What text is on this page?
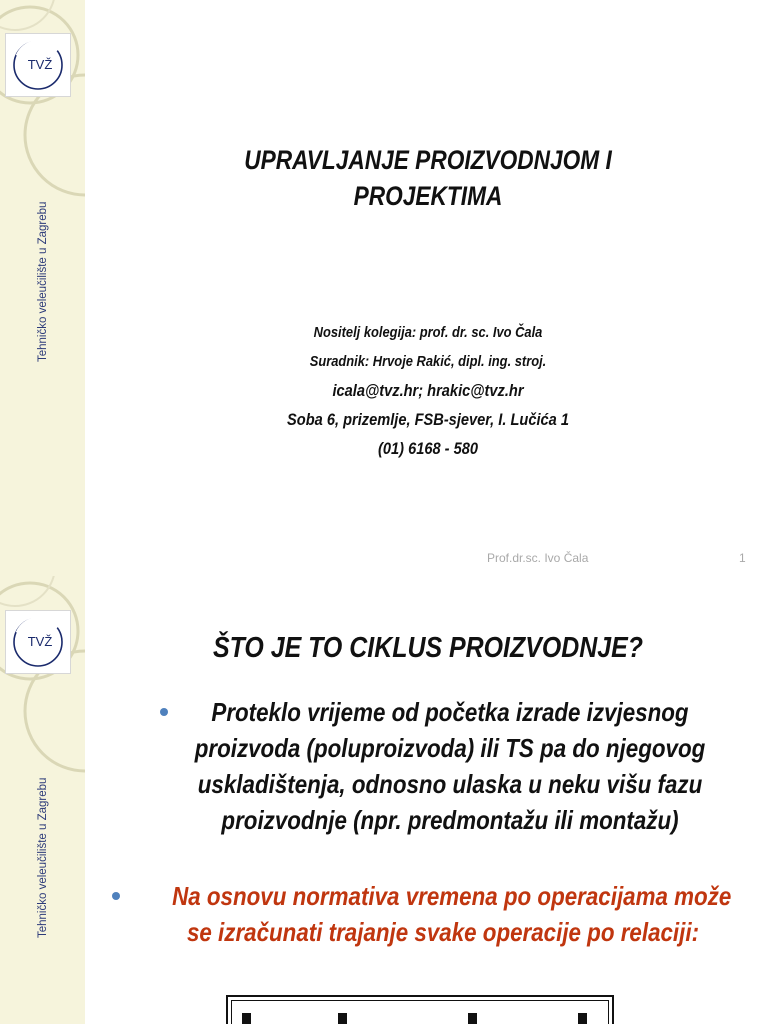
TVŽ
Tehničko veleučilište u Zagrebu
UPRAVLJANJE PROIZVODNJOM I
PROJEKTIMA
Nositelj kolegija: prof. dr. sc. Ivo Čala
Suradnik: Hrvoje Rakić, dipl. ing. stroj.
icala@tvz.hr; hrakic@tvz.hr
Soba 6, prizemlje, FSB-sjever, I. Lučića 1
(01) 6168 - 580
Prof.dr.sc. Ivo Čala	1
TVŽ
Tehničko veleučilište u Zagrebu
ŠTO JE TO CIKLUS PROIZVODNJE?
Proteklo vrijeme od početka izrade izvjesnog
proizvoda (poluproizvoda) ili TS pa do njegovog
uskladištenja, odnosno ulaska u neku višu fazu
proizvodnje (npr. predmontažu ili montažu)
Na osnovu normativa vremena po operacijama može
se izračunati trajanje svake operacije po relaciji:
